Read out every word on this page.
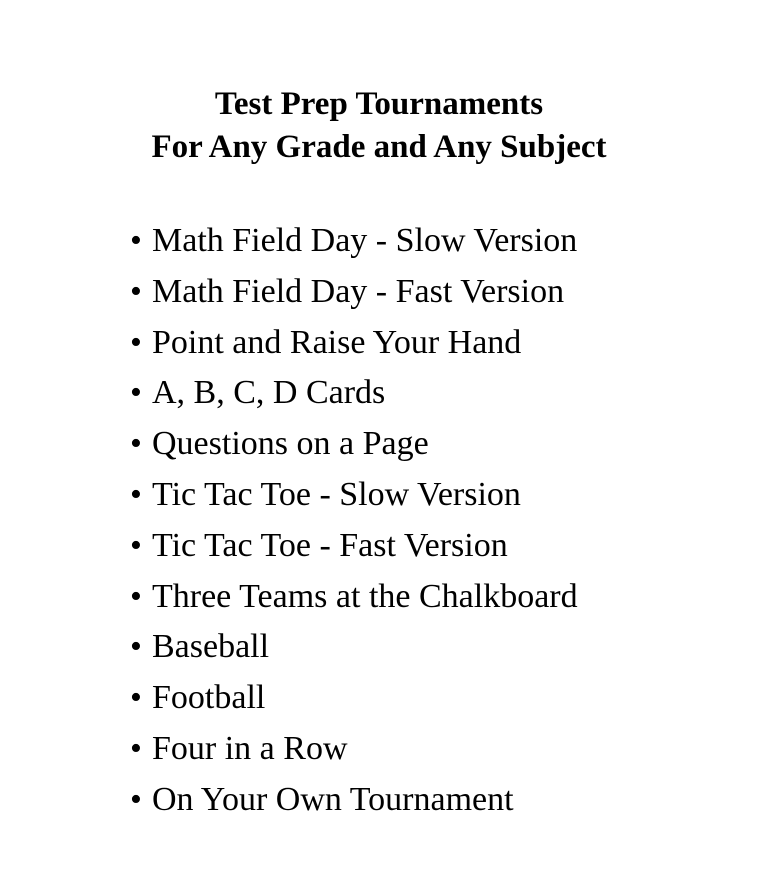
Test Prep Tournaments
For Any Grade and Any Subject
• Math Field Day - Slow Version
• Math Field Day - Fast Version
• Point and Raise Your Hand
• A, B, C, D Cards
• Questions on a Page
• Tic Tac Toe - Slow Version
• Tic Tac Toe - Fast Version
• Three Teams at the Chalkboard
• Baseball
• Football
• Four in a Row
• On Your Own Tournament
